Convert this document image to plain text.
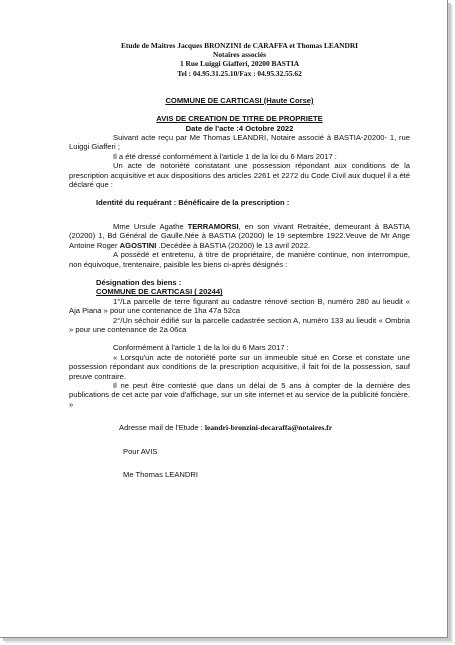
Etude de Maitres Jacques BRONZINI de CARAFFA et Thomas LEANDRI
Notaires associés
1 Rue Luiggi Giafferi, 20200 BASTIA
Tel : 04.95.31.25.10/Fax : 04.95.32.55.62
COMMUNE DE CARTICASI (Haute Corse)
AVIS DE CREATION DE TITRE DE PROPRIETE
Date de l'acte :4 Octobre 2022

Suivant acte reçu par Me Thomas LEANDRI, Notaire associé à BASTIA-20200- 1, rue Luiggi Giafferi ;

Il a été dressé conformément à l'article 1 de la loi du 6 Mars 2017 :

Un acte de notoriété constatant une possession répondant aux conditions de la prescription acquisitive et aux dispositions des articles 2261 et 2272 du Code Civil aux duquel il a été déclaré que :

Identité du requérant : Bénéficaire de la prescription :

Mme Ursule Agathe TERRAMORSI, en son vivant Retraitée, demeurant à BASTIA (20200) 1, Bd Général de Gaulle.Née à BASTIA (20200) le 19 septembre 1922.Veuve de Mr Ange Antoine Roger AGOSTINI .Decédée à BASTIA (20200) le 13 avril 2022.

A possédé et entretenu, à titre de propriétaire, de manière continue, non interrompue, non équivoque, trentenaire, paisible les biens ci-après désignés :

Désignation des biens :

COMMUNE DE CARTICASI ( 20244)

1°/La parcelle de terre figurant au cadastre rénové section B, numéro 280 au lieudit « Aja Piana » pour une contenance de 1ha 47a 52ca

2°/Un séchoir édifié sur la parcelle cadastrée section A, numéro 133 au lieudit « Ombria » pour une contenance de 2a 06ca

Conformément à l'article 1 de la loi du 6 Mars 2017 :

« Lorsqu'un acte de notoriété porte sur un immeuble situé en Corse et constate une possession répondant aux conditions de la prescription acquisitive, il fait foi de la possession, sauf preuve contraire.

Il ne peut être contesté que dans un délai de 5 ans à compter de la dernière des publications de cet acte par voie d'affichage, sur un site internet et au service de la publicité foncière. »

Adresse mail de l'Etude : leandri-bronzini-decaraffa@notaires.fr

Pour AVIS

Me Thomas LEANDRI
